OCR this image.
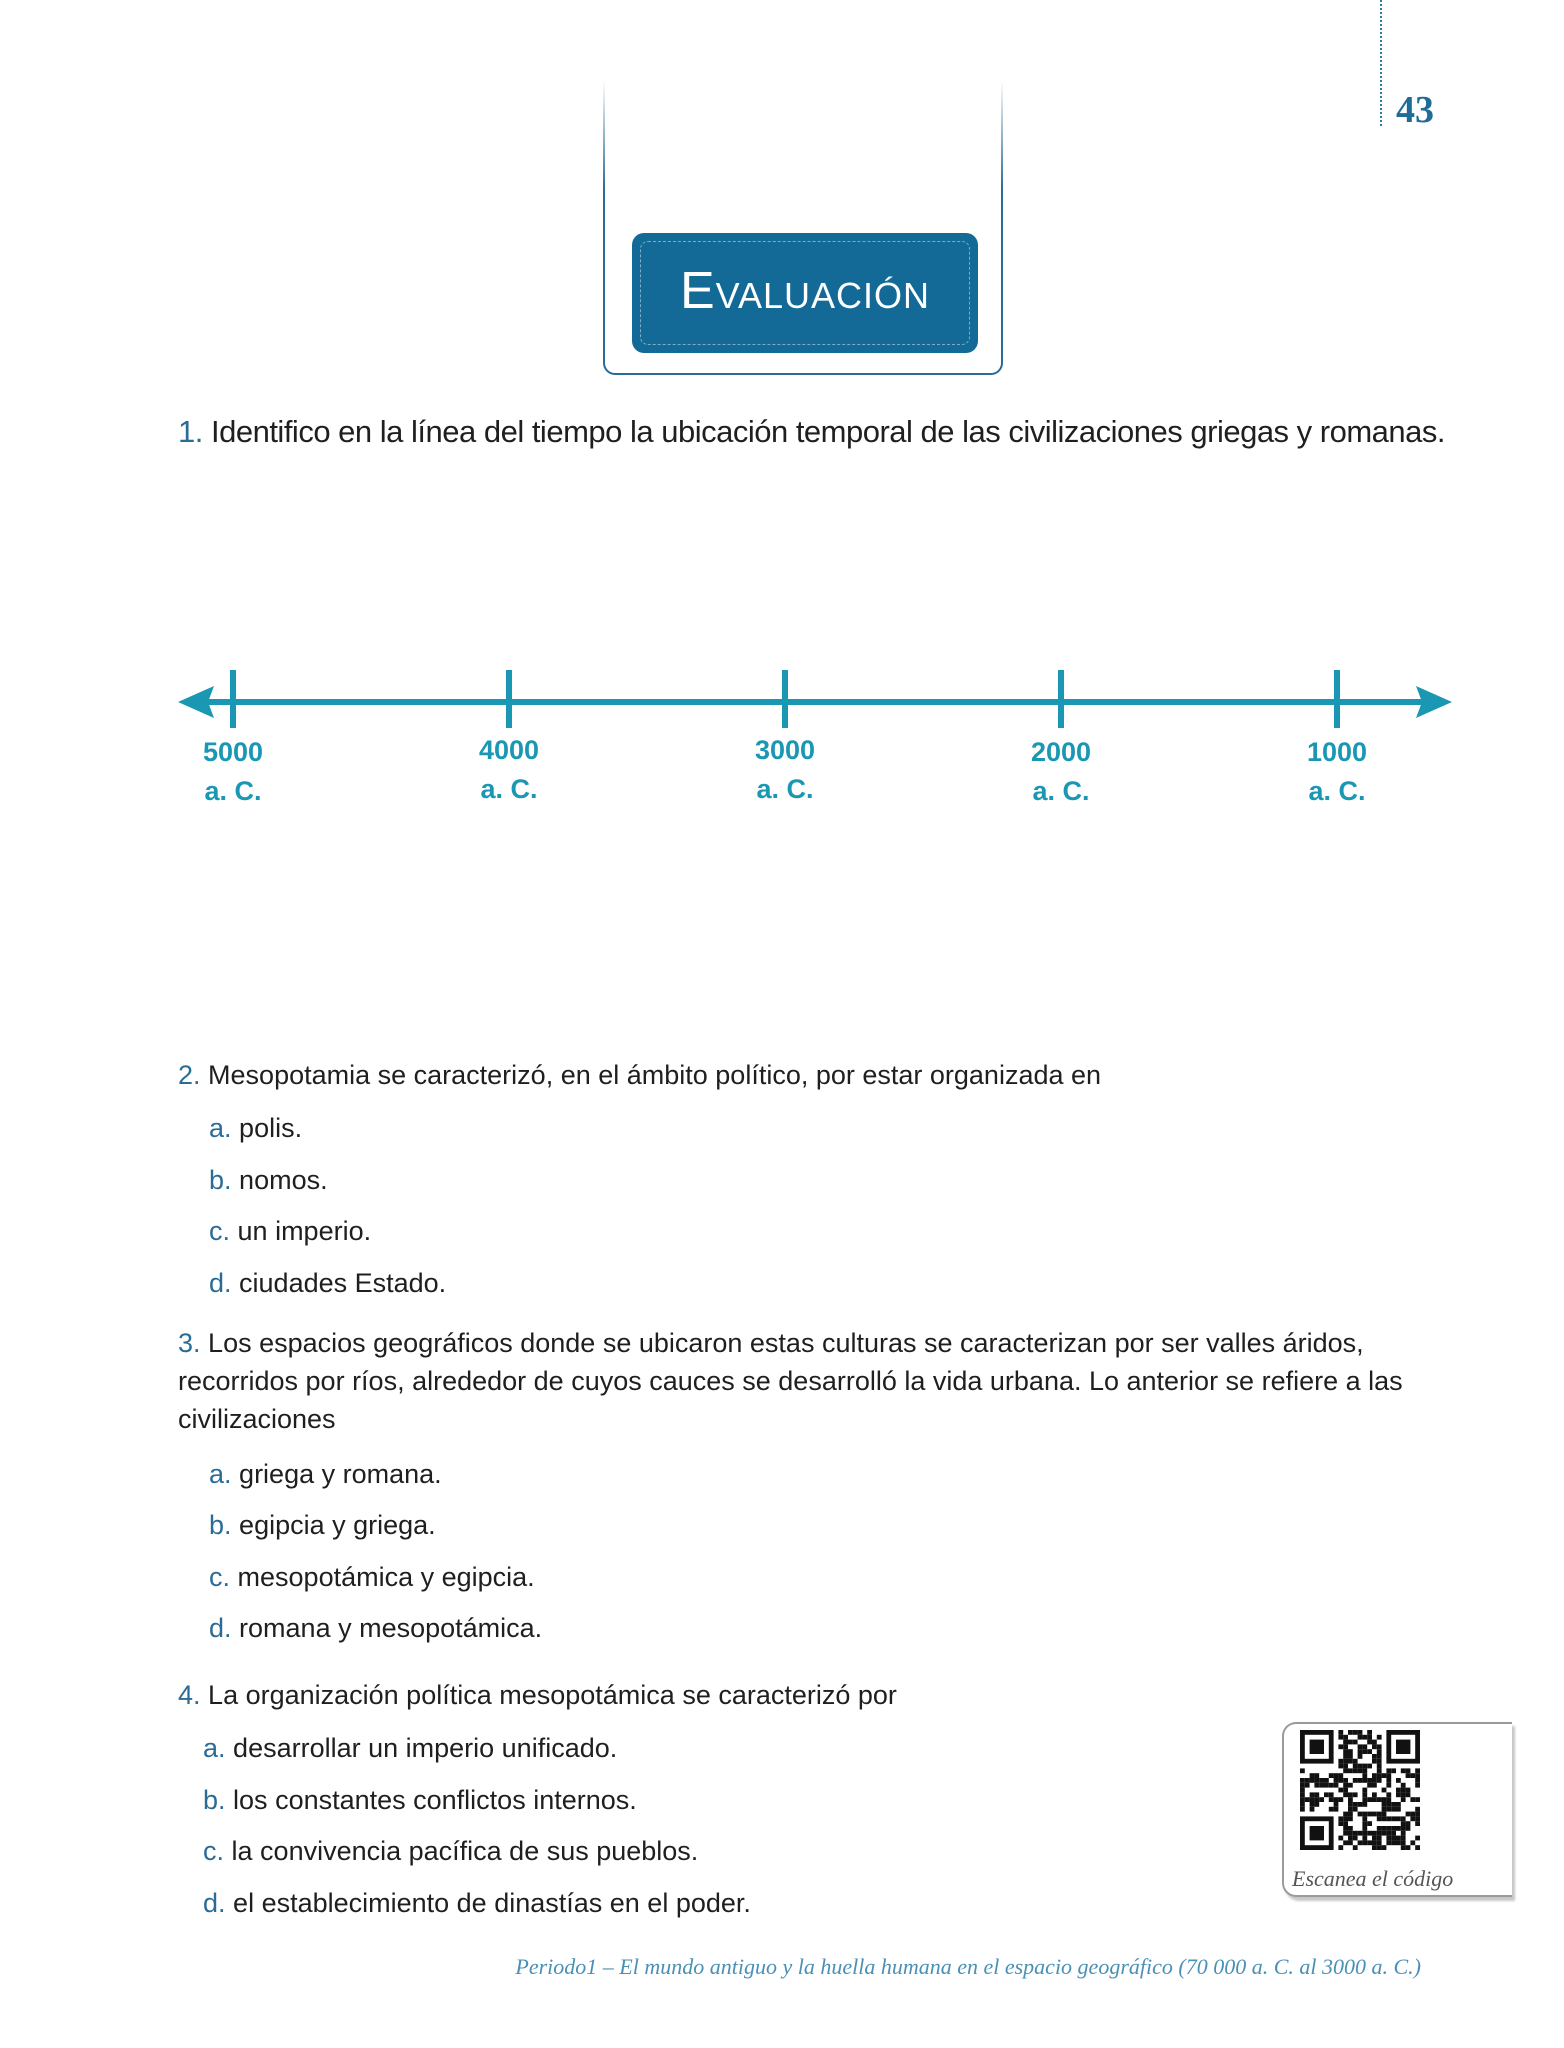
43
Evaluación
1. Identifico en la línea del tiempo la ubicación temporal de las civilizaciones griegas y romanas.
5000
a. C.
4000
a. C.
3000
a. C.
2000
a. C.
1000
a. C.
2. Mesopotamia se caracterizó, en el ámbito político, por estar organizada en
a. polis.
b. nomos.
c. un imperio.
d. ciudades Estado.
3. Los espacios geográficos donde se ubicaron estas culturas se caracterizan por ser valles áridos, recorridos por ríos, alrededor de cuyos cauces se desarrolló la vida urbana. Lo anterior se refiere a las civilizaciones
a. griega y romana.
b. egipcia y griega.
c. mesopotámica y egipcia.
d. romana y mesopotámica.
4. La organización política mesopotámica se caracterizó por
a. desarrollar un imperio unificado.
b. los constantes conflictos internos.
c. la convivencia pacífica de sus pueblos.
d. el establecimiento de dinastías en el poder.
Escanea el código
Periodo1 – El mundo antiguo y la huella humana en el espacio geográfico (70 000 a. C. al 3000 a. C.)
